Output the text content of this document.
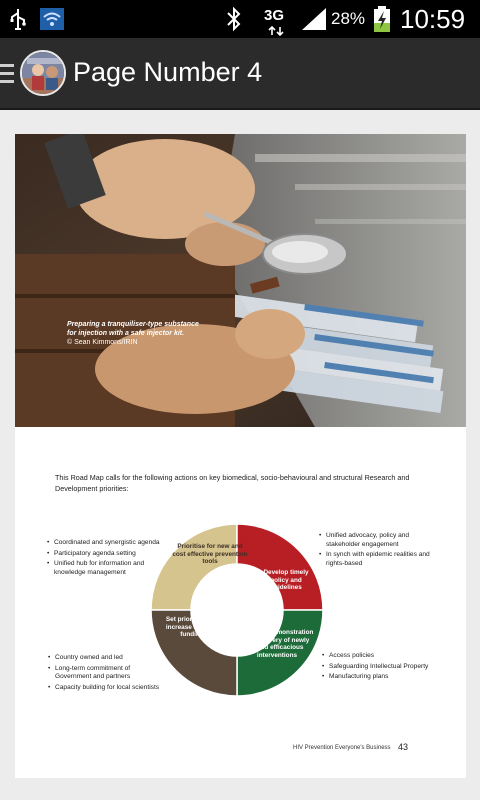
3G	28% 10:59
Page Number 4
Preparing a tranquiliser-type substance
for injection with a safe injector kit.
© Sean Kimmons/IRIN
This Road Map calls for the following actions on key biomedical, socio-behavioural and structural Research and Development priorities:
• Coordinated and synergistic agenda
• Participatory agenda setting
• Unified hub for information and knowledge management
• Unified advocacy, policy and stakeholder engagement
• In synch with epidemic realities and rights-based
• Country owned and led
• Long-term commitment of Government and partners
• Capacity building for local scientists
• Access policies
• Safeguarding Intellectual Property
• Manufacturing plans
Prioritise for new and cost effective prevention tools
Develop timely policy and guidelines
Expedite demonstration and delivery of newly found efficacious interventions
Set priorities and increase national funding
HIV Prevention Everyone's Business 43
